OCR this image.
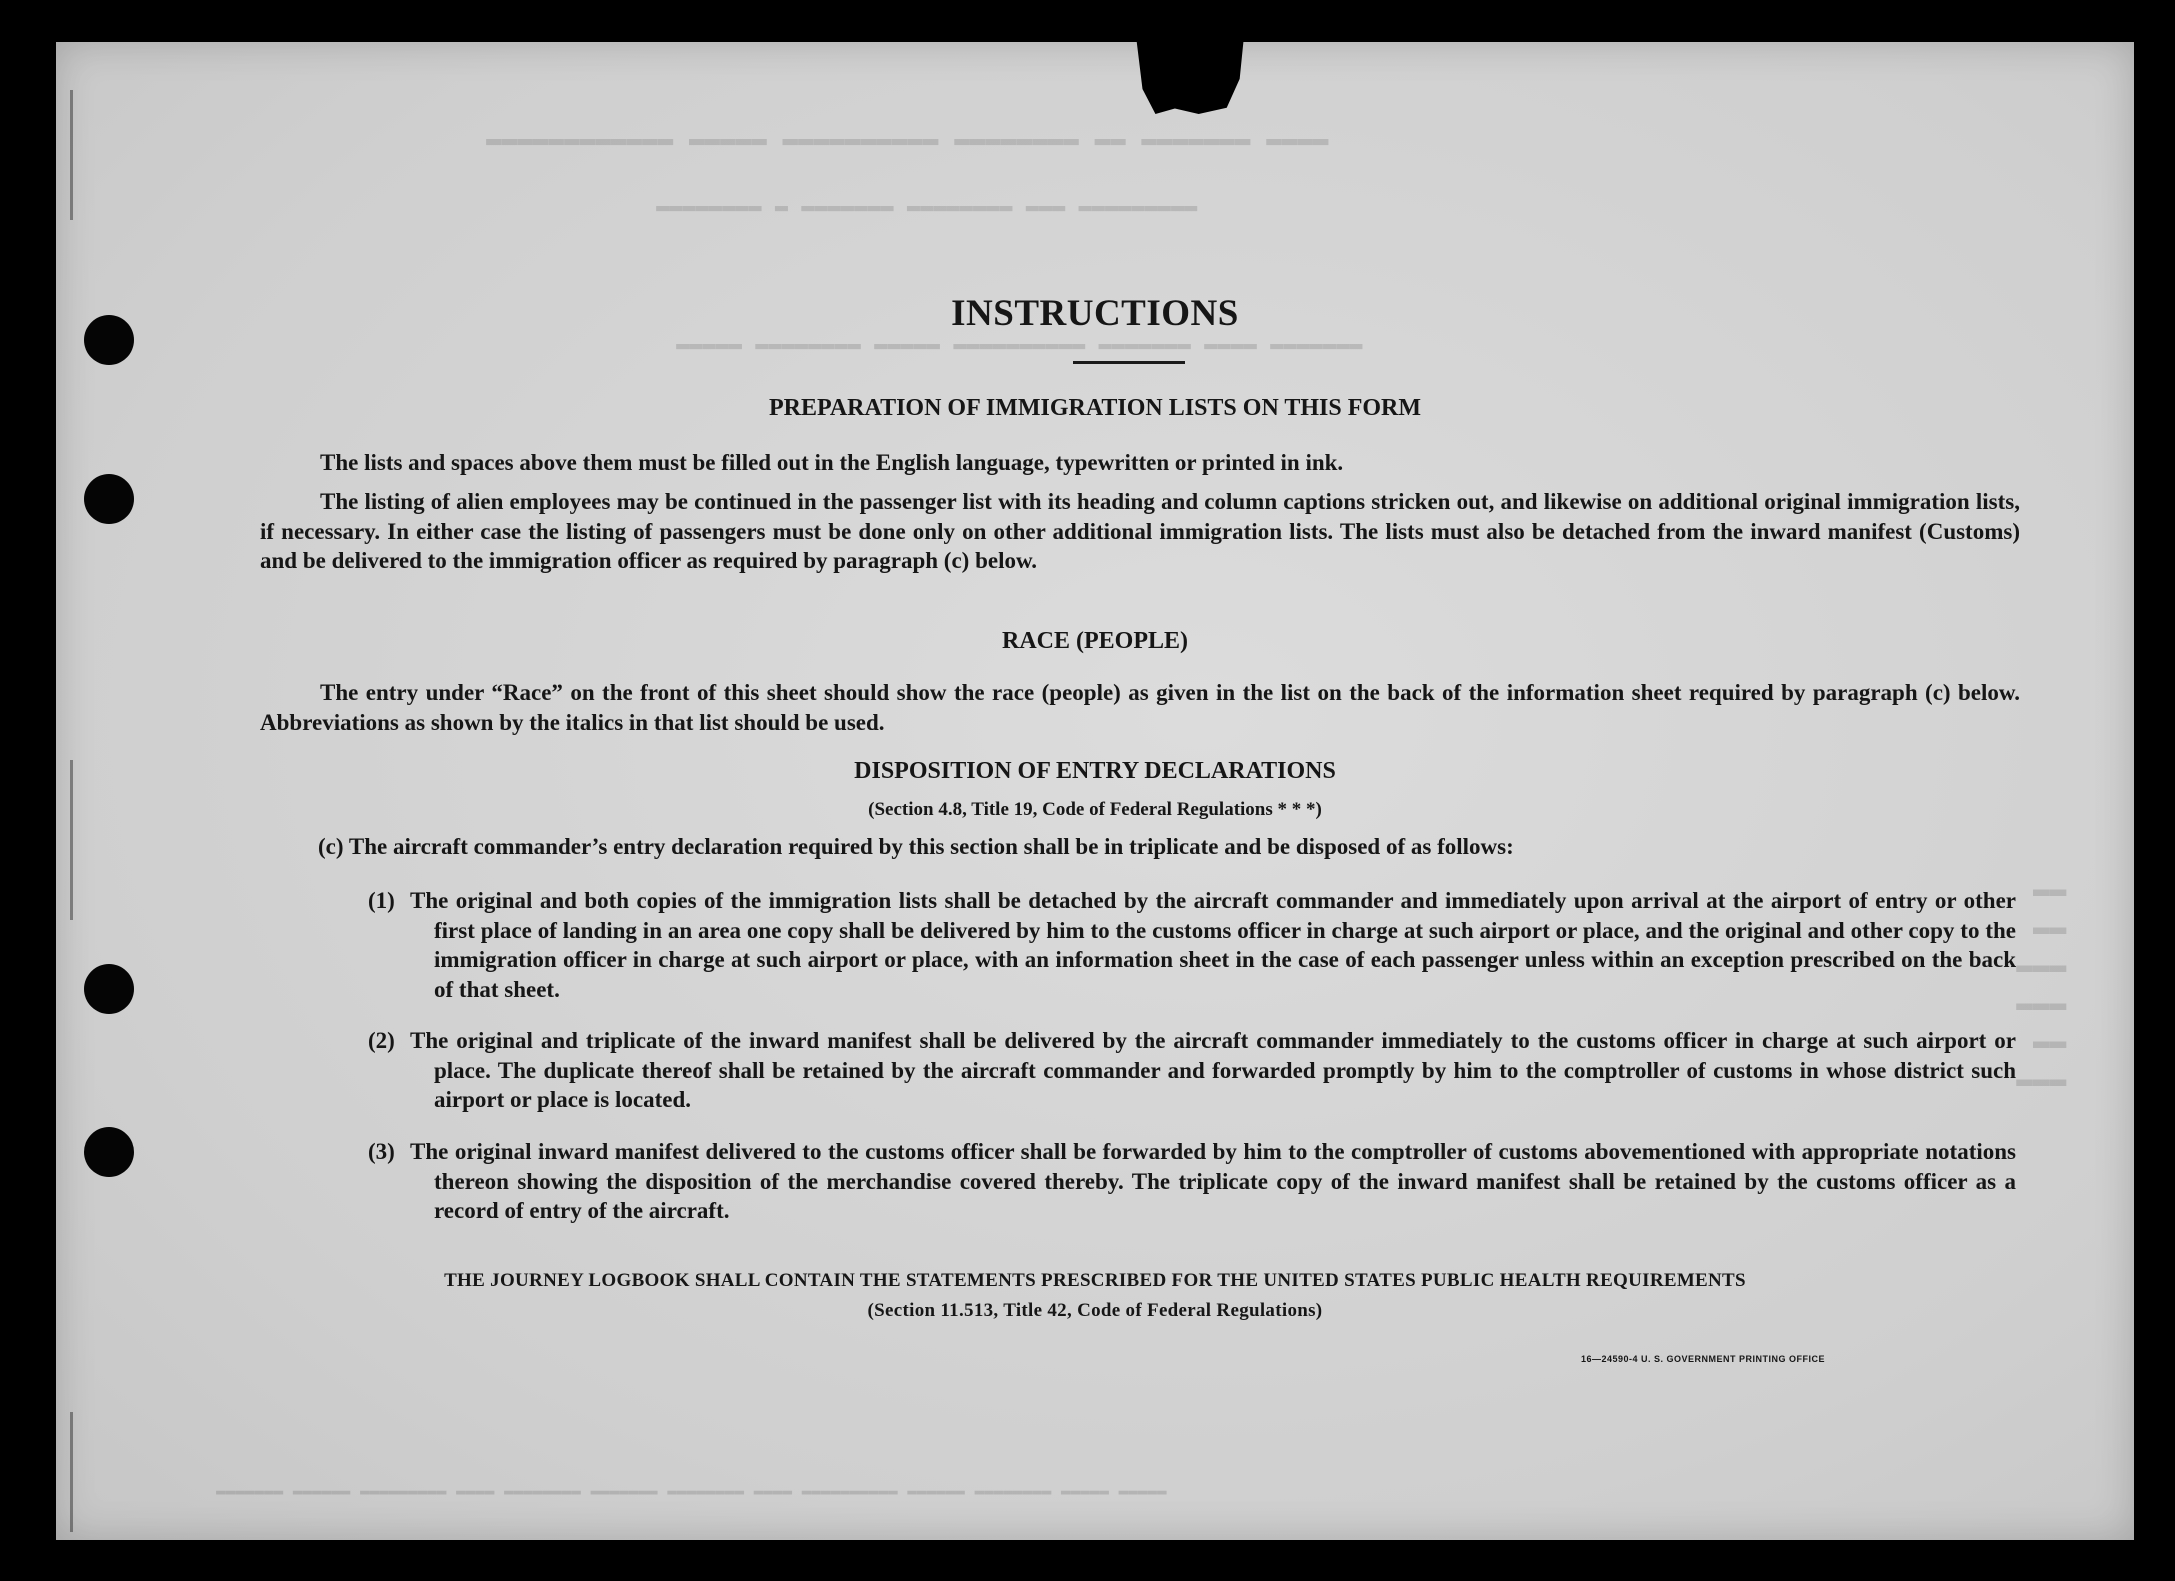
▬▬▬▬ ▬▬▬▬▬▬▬ ▬▬ ▬▬▬▬▬▬▬▬ ▬▬▬▬▬▬▬▬▬▬ ▬▬▬▬▬ ▬▬▬▬▬▬▬▬▬▬▬▬
▬▬▬▬▬▬▬▬▬ ▬▬▬ ▬▬▬▬▬▬▬▬ ▬▬▬▬▬▬▬ ▬ ▬▬▬▬▬▬▬▬
▬▬▬▬▬▬▬ ▬▬▬▬ ▬▬▬▬▬▬▬ ▬▬▬▬▬▬▬▬▬▬ ▬▬▬▬▬ ▬▬▬▬▬▬▬▬ ▬▬▬▬▬
▬▬
▬▬
▬▬▬
▬▬▬
▬▬
▬▬▬
▬▬▬▬▬ ▬▬▬▬▬ ▬▬▬▬▬▬▬▬ ▬▬▬▬▬▬ ▬▬▬▬▬▬▬▬▬▬ ▬▬▬▬ ▬▬▬▬▬▬▬▬ ▬▬▬▬▬▬▬ ▬▬▬▬▬▬▬▬ ▬▬▬▬ ▬▬▬▬▬▬▬▬▬ ▬▬▬▬▬▬ ▬▬▬▬▬▬▬
INSTRUCTIONS
PREPARATION OF IMMIGRATION LISTS ON THIS FORM

The lists and spaces above them must be filled out in the English language, typewritten or printed in ink.

The listing of alien employees may be continued in the passenger list with its heading and column captions stricken out, and likewise on additional original immigration lists, if necessary. In either case the listing of passengers must be done only on other additional immigration lists. The lists must also be detached from the inward manifest (Customs) and be delivered to the immigration officer as required by paragraph (c) below.

RACE (PEOPLE)

The entry under “Race” on the front of this sheet should show the race (people) as given in the list on the back of the information sheet required by paragraph (c) below. Abbreviations as shown by the italics in that list should be used.

DISPOSITION OF ENTRY DECLARATIONS
(Section 4.8, Title 19, Code of Federal Regulations * * *)

(c) The aircraft commander’s entry declaration required by this section shall be in triplicate and be disposed of as follows:

(1) The original and both copies of the immigration lists shall be detached by the aircraft commander and immediately upon arrival at the airport of entry or other first place of landing in an area one copy shall be delivered by him to the customs officer in charge at such airport or place, and the original and other copy to the immigration officer in charge at such airport or place, with an information sheet in the case of each passenger unless within an exception prescribed on the back of that sheet.
(2) The original and triplicate of the inward manifest shall be delivered by the aircraft commander immediately to the customs officer in charge at such airport or place. The duplicate thereof shall be retained by the aircraft commander and forwarded promptly by him to the comptroller of customs in whose district such airport or place is located.
(3) The original inward manifest delivered to the customs officer shall be forwarded by him to the comptroller of customs abovementioned with appropriate notations thereon showing the disposition of the merchandise covered thereby. The triplicate copy of the inward manifest shall be retained by the customs officer as a record of entry of the aircraft.
THE JOURNEY LOGBOOK SHALL CONTAIN THE STATEMENTS PRESCRIBED FOR THE UNITED STATES PUBLIC HEALTH REQUIREMENTS
(Section 11.513, Title 42, Code of Federal Regulations)
16—24590-4 U. S. GOVERNMENT PRINTING OFFICE
